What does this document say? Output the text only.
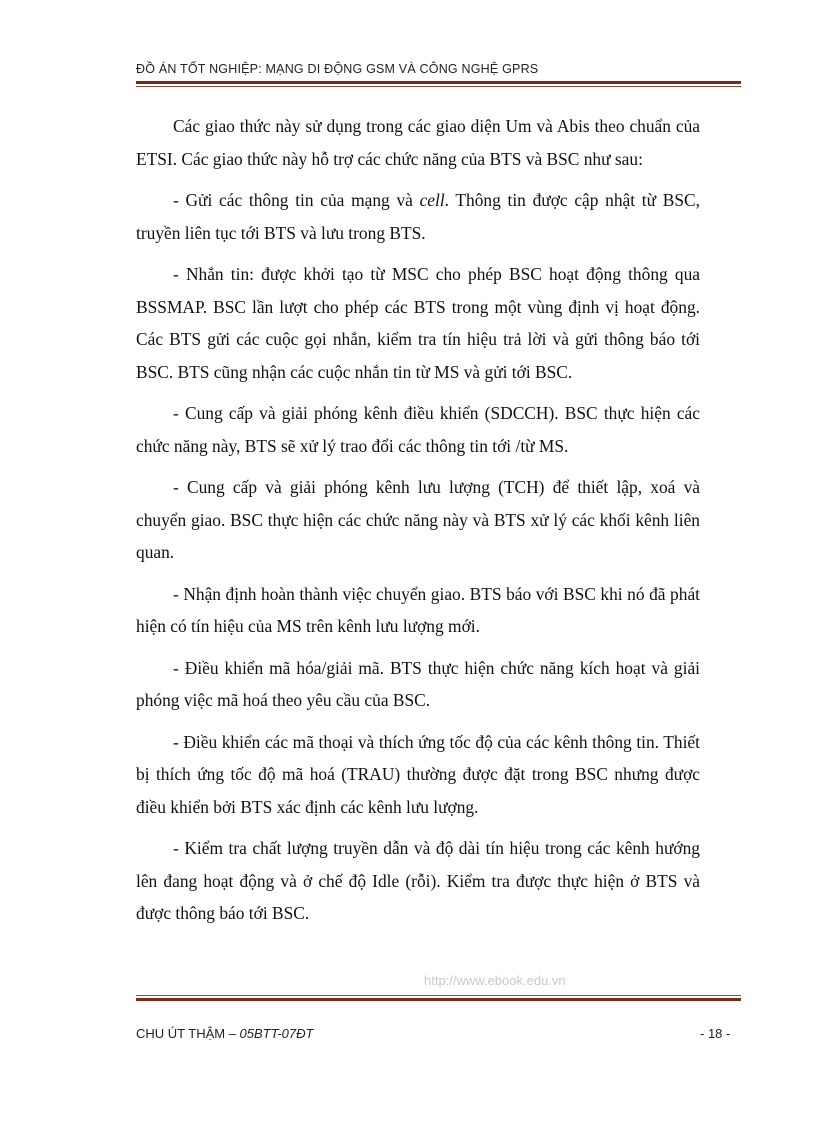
ĐỒ ÁN TỐT NGHIỆP: MẠNG DI ĐỘNG GSM VÀ CÔNG NGHỆ GPRS

Các giao thức này sử dụng trong các giao diện Um và Abis theo chuẩn của ETSI. Các giao thức này hỗ trợ các chức năng của BTS và BSC như sau:

- Gửi các thông tin của mạng và cell. Thông tin được cập nhật từ BSC, truyền liên tục tới BTS và lưu trong BTS.

- Nhắn tin: được khởi tạo từ MSC cho phép BSC hoạt động thông qua BSSMAP. BSC lần lượt cho phép các BTS trong một vùng định vị hoạt động. Các BTS gửi các cuộc gọi nhắn, kiểm tra tín hiệu trả lời và gửi thông báo tới BSC. BTS cũng nhận các cuộc nhắn tin từ MS và gửi tới BSC.

- Cung cấp và giải phóng kênh điều khiển (SDCCH). BSC thực hiện các chức năng này, BTS sẽ xử lý trao đổi các thông tin tới /từ MS.

- Cung cấp và giải phóng kênh lưu lượng (TCH) để thiết lập, xoá và chuyển giao. BSC thực hiện các chức năng này và BTS xử lý các khối kênh liên quan.

- Nhận định hoàn thành việc chuyển giao. BTS báo với BSC khi nó đã phát hiện có tín hiệu của MS trên kênh lưu lượng mới.

- Điều khiển mã hóa/giải mã. BTS thực hiện chức năng kích hoạt và giải phóng việc mã hoá theo yêu cầu của BSC.

- Điều khiển các mã thoại và thích ứng tốc độ của các kênh thông tin. Thiết bị thích ứng tốc độ mã hoá (TRAU) thường được đặt trong BSC nhưng được điều khiển bởi BTS xác định các kênh lưu lượng.

- Kiểm tra chất lượng truyền dẫn và độ dài tín hiệu trong các kênh hướng lên đang hoạt động và ở chế độ Idle (rỗi). Kiểm tra được thực hiện ở BTS và được thông báo tới BSC.

http://www.ebook.edu.vn
CHU ÚT THẬM – 05BTT-07ĐT	- 18 -
